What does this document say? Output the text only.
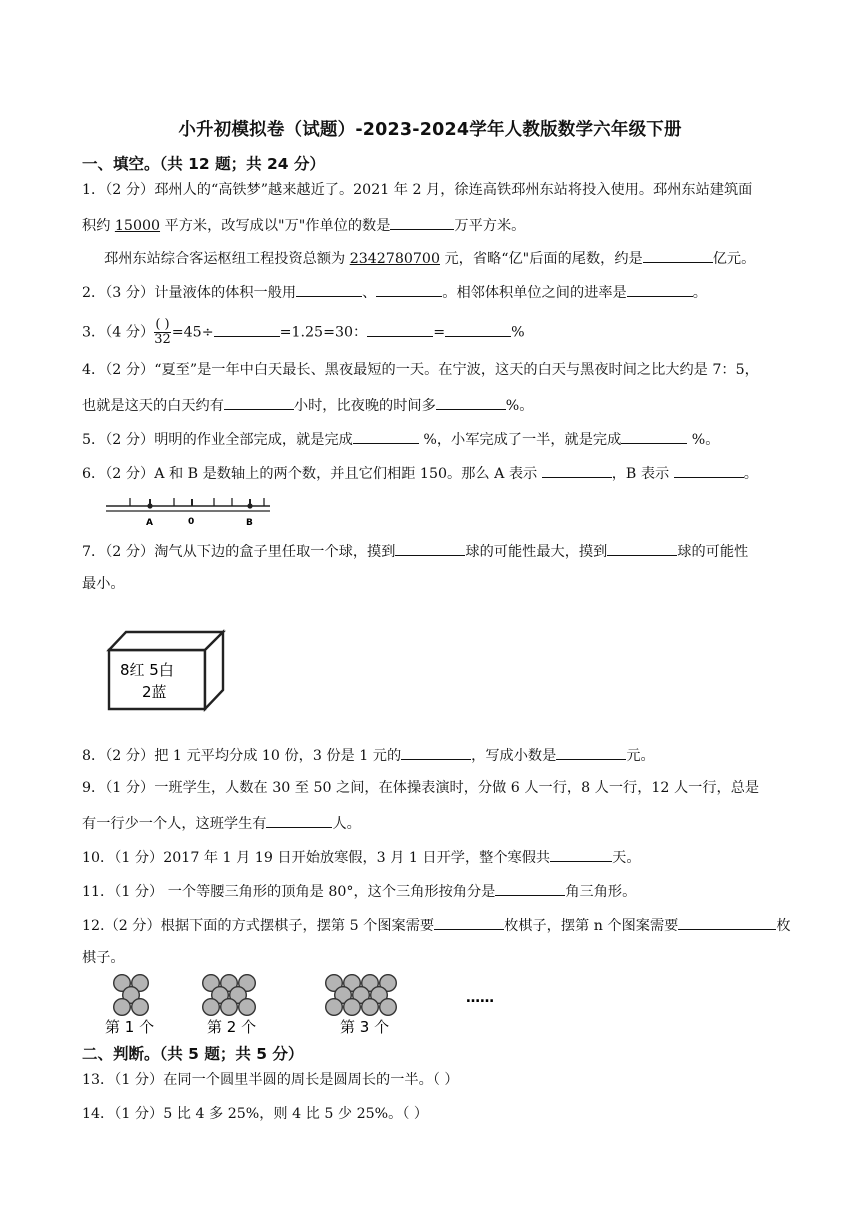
小升初模拟卷（试题）-2023-2024学年人教版数学六年级下册
一、填空。（共 12 题；共 24 分）
1．（2 分）邳州人的“高铁梦”越来越近了。2021 年 2 月，徐连高铁邳州东站将投入使用。邳州东站建筑面
积约 15000 平方米，改写成以"万"作单位的数是	万平方米。
邳州东站综合客运枢纽工程投资总额为 2342780700 元，省略“亿"后面的尾数，约是	亿元。
2．（3 分）计量液体的体积一般用	、	。相邻体积单位之间的进率是	。
3．（4 分） $\frac{( )}{32} =45\div$	=1.25=30：	=	%
4．（2 分）“夏至”是一年中白天最长、黑夜最短的一天。在宁波，这天的白天与黑夜时间之比大约是 7：5，
也就是这天的白天约有	小时，比夜晚的时间多	%。
5．（2 分）明明的作业全部完成，就是完成	%，小军完成了一半，就是完成	%。
6．（2 分）A 和 B 是数轴上的两个数，并且它们相距 150。那么 A 表示	，B 表示	。
A	0	B
7．（2 分）淘气从下边的盒子里任取一个球，摸到	球的可能性最大，摸到	球的可能性
最小。
8红 5白
2蓝
8．（2 分）把 1 元平均分成 10 份，3 份是 1 元的	，写成小数是	元。
9．（1 分）一班学生，人数在 30 至 50 之间，在体操表演时，分做 6 人一行，8 人一行，12 人一行，总是
有一行少一个人，这班学生有	人。
10．（1 分）2017 年 1 月 19 日开始放寒假，3 月 1 日开学，整个寒假共	天。
11．（1 分） 一个等腰三角形的顶角是 80°，这个三角形按角分是	角三角形。
12.（2 分）根据下面的方式摆棋子，摆第 5 个图案需要	枚棋子，摆第 n 个图案需要	枚
棋子。
第 1 个	第 2 个	第 3 个
……
二、判断。（共 5 题；共 5 分）
13．（1 分）在同一个圆里半圆的周长是圆周长的一半。（ ）
14．（1 分）5 比 4 多 25%，则 4 比 5 少 25%。（ ）
